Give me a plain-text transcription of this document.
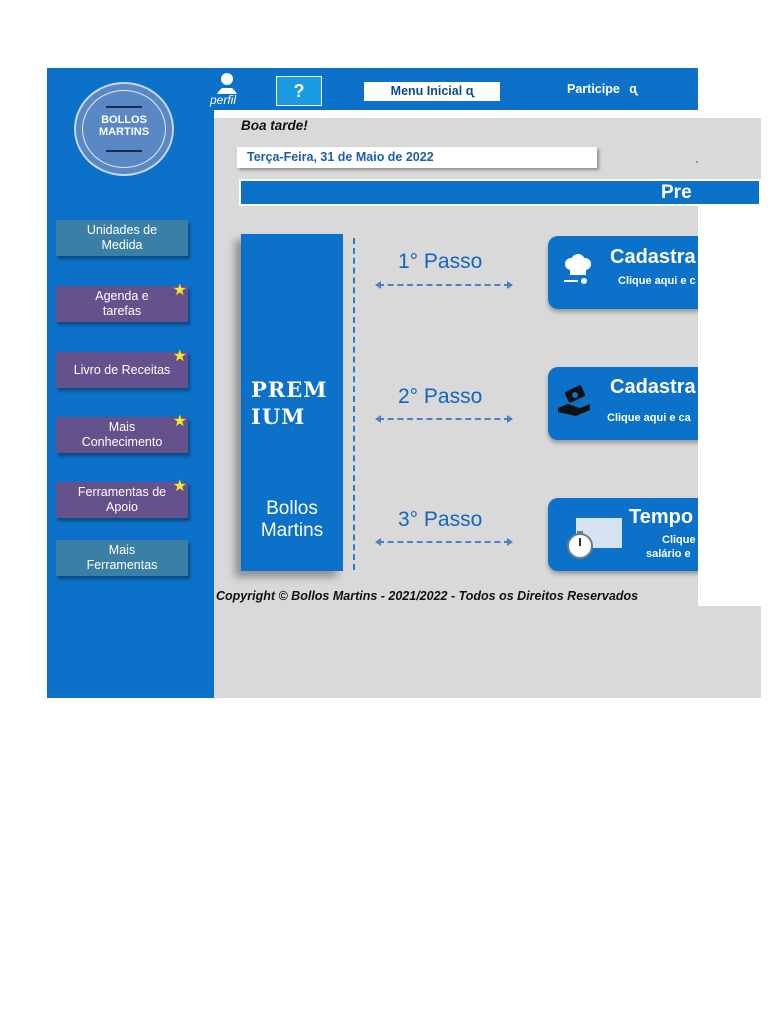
BOLLOS
MARTINS
Unidades de Medida
Agenda e tarefas
★
Livro de Receitas
★
Mais Conhecimento
★
Ferramentas de Apoio
★
Mais Ferramentas
perfil	?	Menu Inicial ᶐ	Participe ᶐ
Boa tarde!
Terça-Feira, 31 de Maio de 2022
'
Pre
PREM
IUM
Bollos
Martins
1° Passo	Cadastra
Clique aqui e c
2° Passo	Cadastra
Clique aqui e ca
3° Passo	Tempo
Clique
salário e
Copyright © Bollos Martins - 2021/2022 - Todos os Direitos Reservados
